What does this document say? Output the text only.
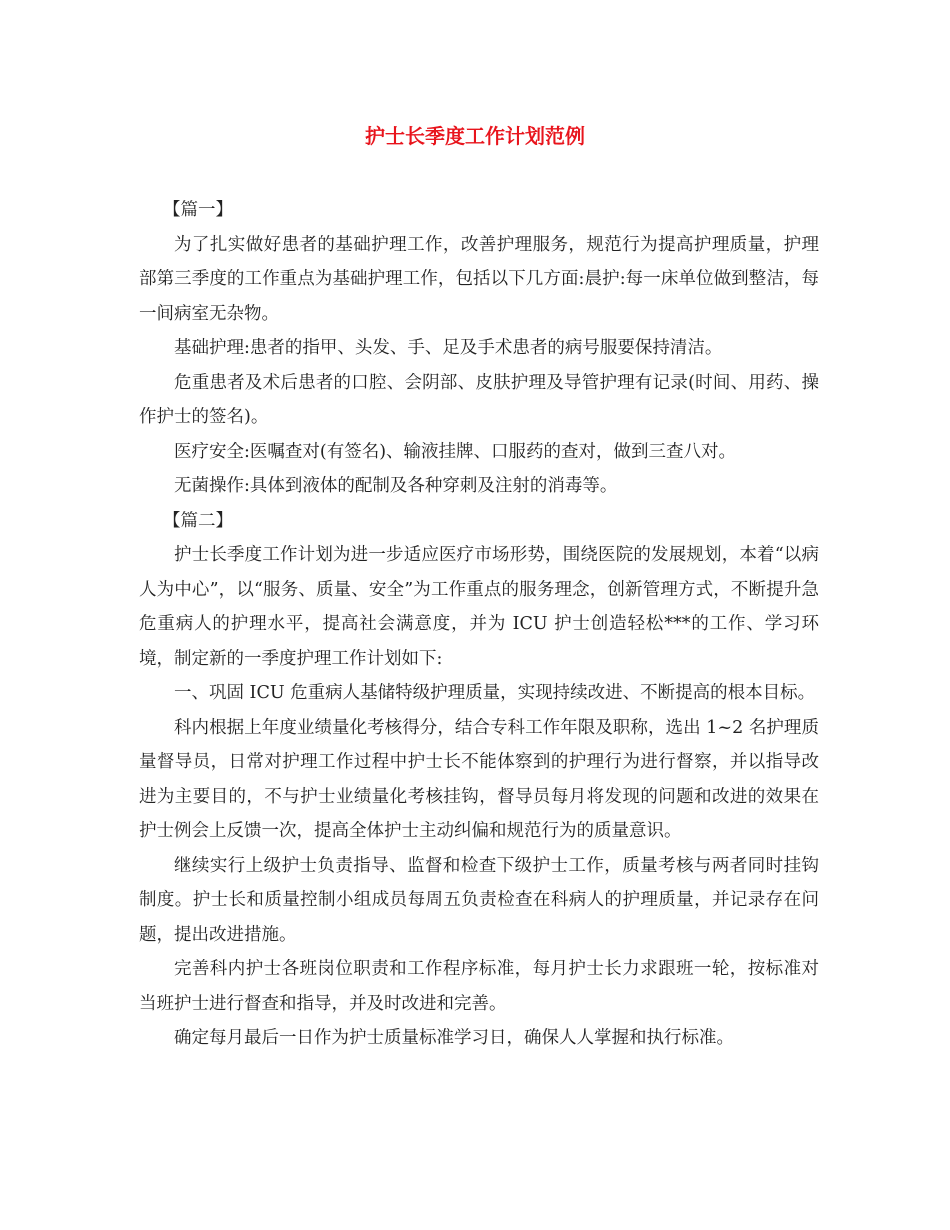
护士长季度工作计划范例

【篇一】

为了扎实做好患者的基础护理工作，改善护理服务，规范行为提高护理质量，护理部第三季度的工作重点为基础护理工作，包括以下几方面:晨护:每一床单位做到整洁，每一间病室无杂物。

基础护理:患者的指甲、头发、手、足及手术患者的病号服要保持清洁。

危重患者及术后患者的口腔、会阴部、皮肤护理及导管护理有记录(时间、用药、操作护士的签名)。

医疗安全:医嘱查对(有签名)、输液挂牌、口服药的查对，做到三查八对。

无菌操作:具体到液体的配制及各种穿刺及注射的消毒等。

【篇二】

护士长季度工作计划为进一步适应医疗市场形势，围绕医院的发展规划，本着“以病人为中心”，以“服务、质量、安全”为工作重点的服务理念，创新管理方式，不断提升急危重病人的护理水平，提高社会满意度，并为 ICU 护士创造轻松***的工作、学习环境，制定新的一季度护理工作计划如下:

一、巩固 ICU 危重病人基储特级护理质量，实现持续改进、不断提高的根本目标。

科内根据上年度业绩量化考核得分，结合专科工作年限及职称，选出 1~2 名护理质量督导员，日常对护理工作过程中护士长不能体察到的护理行为进行督察，并以指导改进为主要目的，不与护士业绩量化考核挂钩，督导员每月将发现的问题和改进的效果在护士例会上反馈一次，提高全体护士主动纠偏和规范行为的质量意识。

继续实行上级护士负责指导、监督和检查下级护士工作，质量考核与两者同时挂钩制度。护士长和质量控制小组成员每周五负责检查在科病人的护理质量，并记录存在问题，提出改进措施。

完善科内护士各班岗位职责和工作程序标准，每月护士长力求跟班一轮，按标准对当班护士进行督查和指导，并及时改进和完善。

确定每月最后一日作为护士质量标准学习日，确保人人掌握和执行标准。
